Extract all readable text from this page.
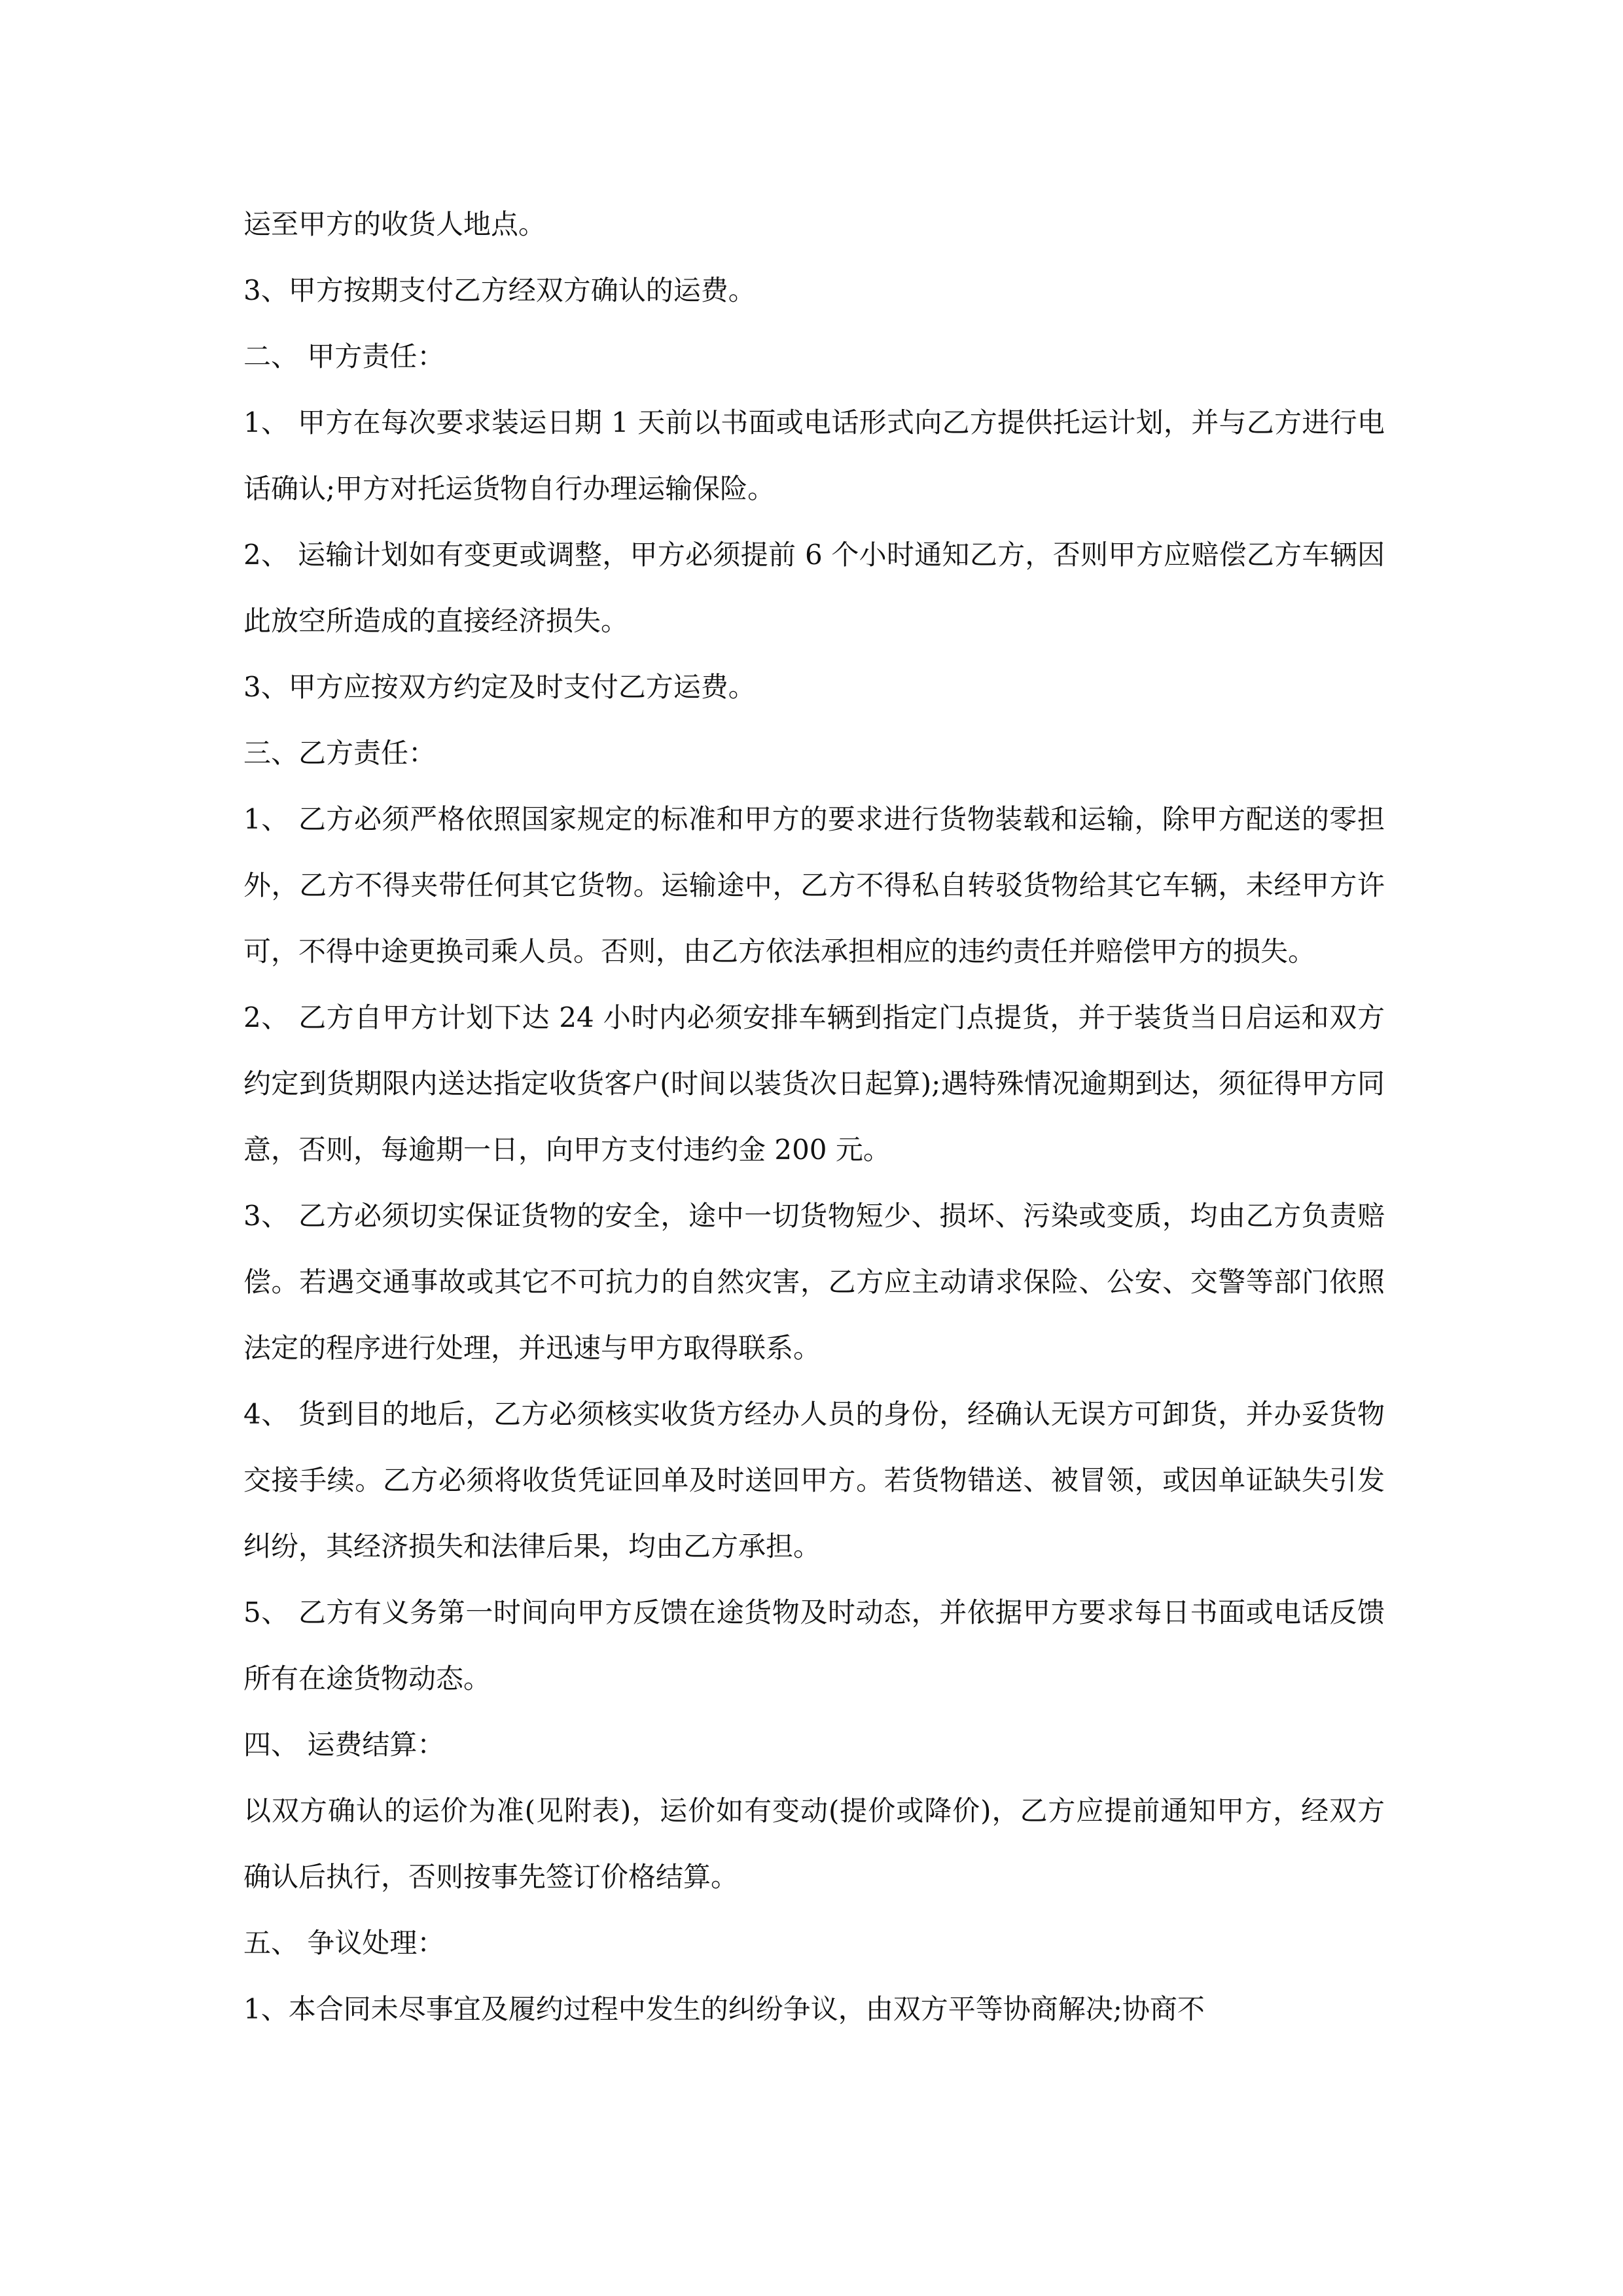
运至甲方的收货人地点。

3、甲方按期支付乙方经双方确认的运费。

二、 甲方责任：

1、 甲方在每次要求装运日期 1 天前以书面或电话形式向乙方提供托运计划，并与乙方进行电话确认;甲方对托运货物自行办理运输保险。

2、 运输计划如有变更或调整，甲方必须提前 6 个小时通知乙方，否则甲方应赔偿乙方车辆因此放空所造成的直接经济损失。

3、甲方应按双方约定及时支付乙方运费。

三、乙方责任：

1、 乙方必须严格依照国家规定的标准和甲方的要求进行货物装载和运输，除甲方配送的零担外，乙方不得夹带任何其它货物。运输途中，乙方不得私自转驳货物给其它车辆，未经甲方许可，不得中途更换司乘人员。否则，由乙方依法承担相应的违约责任并赔偿甲方的损失。

2、 乙方自甲方计划下达 24 小时内必须安排车辆到指定门点提货，并于装货当日启运和双方约定到货期限内送达指定收货客户(时间以装货次日起算);遇特殊情况逾期到达，须征得甲方同意，否则，每逾期一日，向甲方支付违约金 200 元。

3、 乙方必须切实保证货物的安全，途中一切货物短少、损坏、污染或变质，均由乙方负责赔偿。若遇交通事故或其它不可抗力的自然灾害，乙方应主动请求保险、公安、交警等部门依照法定的程序进行处理，并迅速与甲方取得联系。

4、 货到目的地后，乙方必须核实收货方经办人员的身份，经确认无误方可卸货，并办妥货物交接手续。乙方必须将收货凭证回单及时送回甲方。若货物错送、被冒领，或因单证缺失引发纠纷，其经济损失和法律后果，均由乙方承担。

5、 乙方有义务第一时间向甲方反馈在途货物及时动态，并依据甲方要求每日书面或电话反馈所有在途货物动态。

四、 运费结算：

以双方确认的运价为准(见附表)，运价如有变动(提价或降价)，乙方应提前通知甲方，经双方确认后执行，否则按事先签订价格结算。

五、 争议处理：

1、本合同未尽事宜及履约过程中发生的纠纷争议，由双方平等协商解决;协商不
